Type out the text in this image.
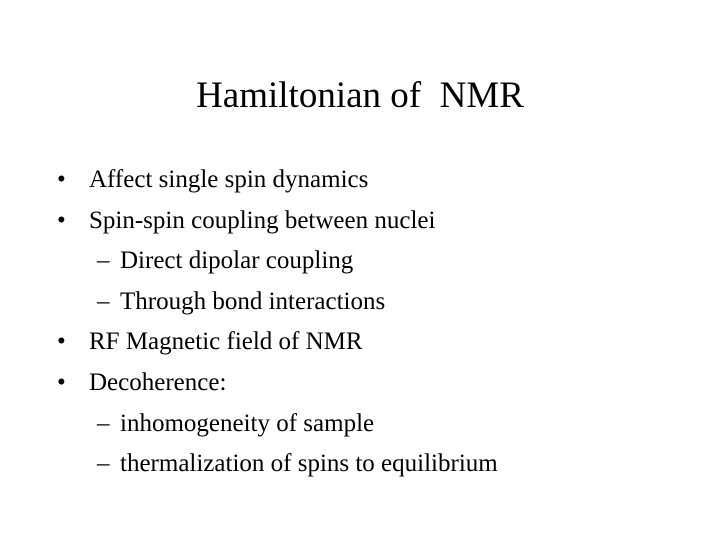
Hamiltonian of  NMR
• Affect single spin dynamics
• Spin-spin coupling between nuclei
– Direct dipolar coupling
– Through bond interactions
• RF Magnetic field of NMR
• Decoherence:
– inhomogeneity of sample
– thermalization of spins to equilibrium
